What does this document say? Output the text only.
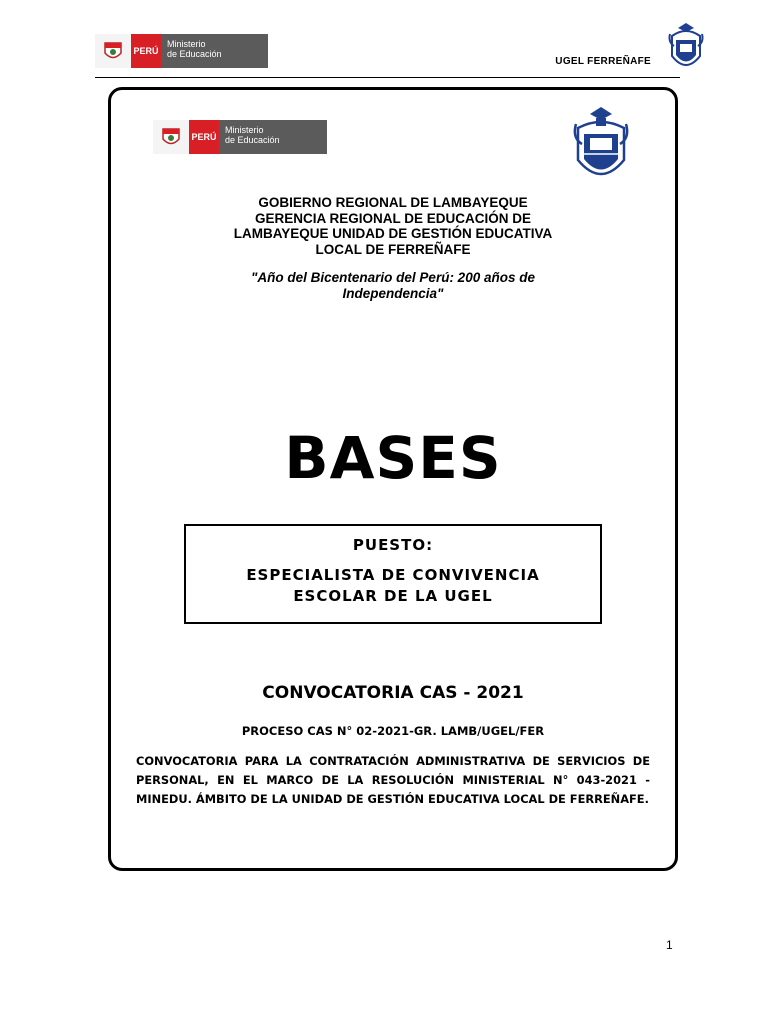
PERÚ
Ministerio
de Educación
UGEL FERREÑAFE
PERÚ
Ministerio
de Educación
GOBIERNO REGIONAL DE LAMBAYEQUE
GERENCIA REGIONAL DE EDUCACIÓN DE
LAMBAYEQUE UNIDAD DE GESTIÓN EDUCATIVA
LOCAL DE FERREÑAFE
"Año del Bicentenario del Perú: 200 años de
Independencia"
BASES
PUESTO:
ESPECIALISTA DE CONVIVENCIA
ESCOLAR DE LA UGEL
CONVOCATORIA CAS - 2021
PROCESO CAS N° 02-2021-GR. LAMB/UGEL/FER
CONVOCATORIA PARA LA CONTRATACIÓN ADMINISTRATIVA DE SERVICIOS DE
PERSONAL, EN EL MARCO DE LA RESOLUCIÓN MINISTERIAL N° 043-2021 -
MINEDU. ÁMBITO DE LA UNIDAD DE GESTIÓN EDUCATIVA LOCAL DE FERREÑAFE.
1
